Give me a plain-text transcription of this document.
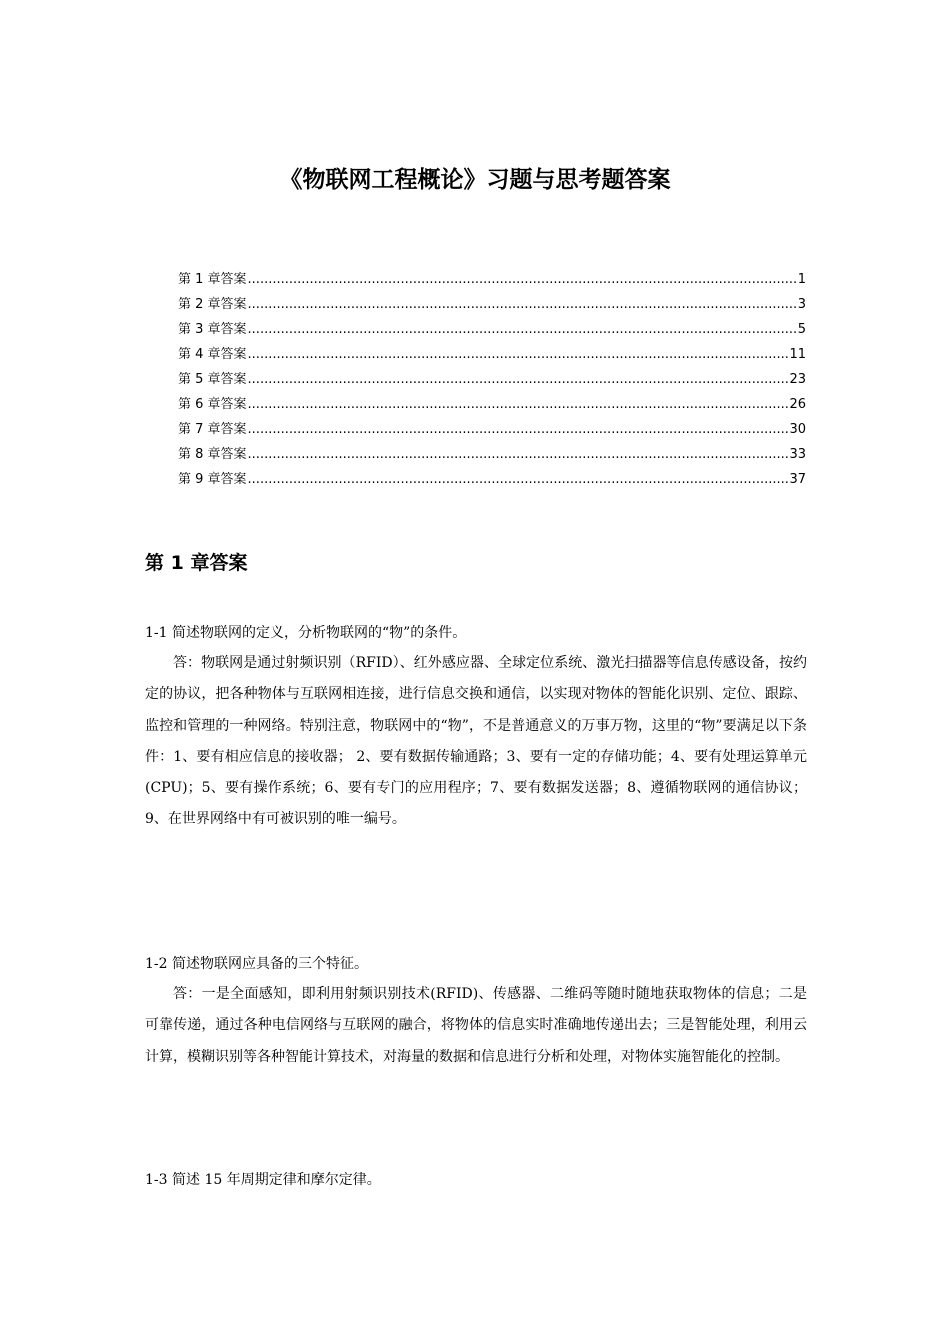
《物联网工程概论》习题与思考题答案
第 1 章答案 .....	1
第 2 章答案 .....	3
第 3 章答案 .....	5
第 4 章答案 .....	11
第 5 章答案 .....	23
第 6 章答案 .....	26
第 7 章答案 .....	30
第 8 章答案 .....	33
第 9 章答案 .....	37
第 1 章答案

1-1 简述物联网的定义，分析物联网的“物”的条件。

答：物联网是通过射频识别（RFID）、红外感应器、全球定位系统、激光扫描器等信息传感设备，按约定的协议，把各种物体与互联网相连接，进行信息交换和通信，以实现对物体的智能化识别、定位、跟踪、监控和管理的一种网络。特别注意，物联网中的“物”，不是普通意义的万事万物，这里的“物”要满足以下条件：1、要有相应信息的接收器； 2、要有数据传输通路；3、要有一定的存储功能；4、要有处理运算单元(CPU)；5、要有操作系统；6、要有专门的应用程序；7、要有数据发送器；8、遵循物联网的通信协议；9、在世界网络中有可被识别的唯一编号。

1-2 简述物联网应具备的三个特征。

答：一是全面感知，即利用射频识别技术(RFID)、传感器、二维码等随时随地获取物体的信息；二是可靠传递，通过各种电信网络与互联网的融合，将物体的信息实时准确地传递出去；三是智能处理，利用云计算，模糊识别等各种智能计算技术，对海量的数据和信息进行分析和处理，对物体实施智能化的控制。

1-3 简述 15 年周期定律和摩尔定律。
